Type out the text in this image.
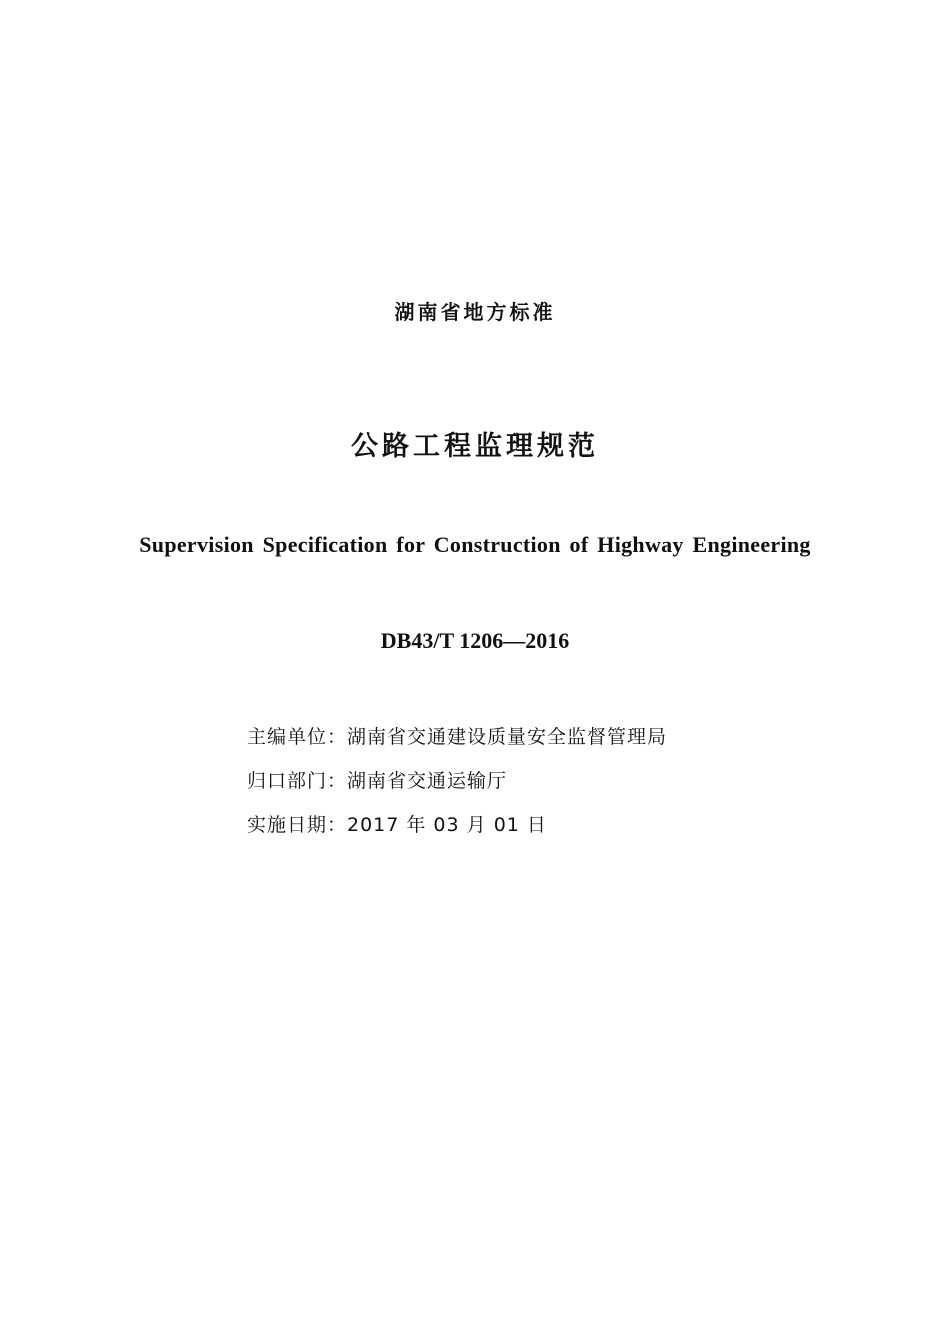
湖南省地方标准
公路工程监理规范
Supervision Specification for Construction of Highway Engineering
DB43/T 1206—2016
主编单位：湖南省交通建设质量安全监督管理局
归口部门：湖南省交通运输厅
实施日期：2017 年 03 月 01 日
